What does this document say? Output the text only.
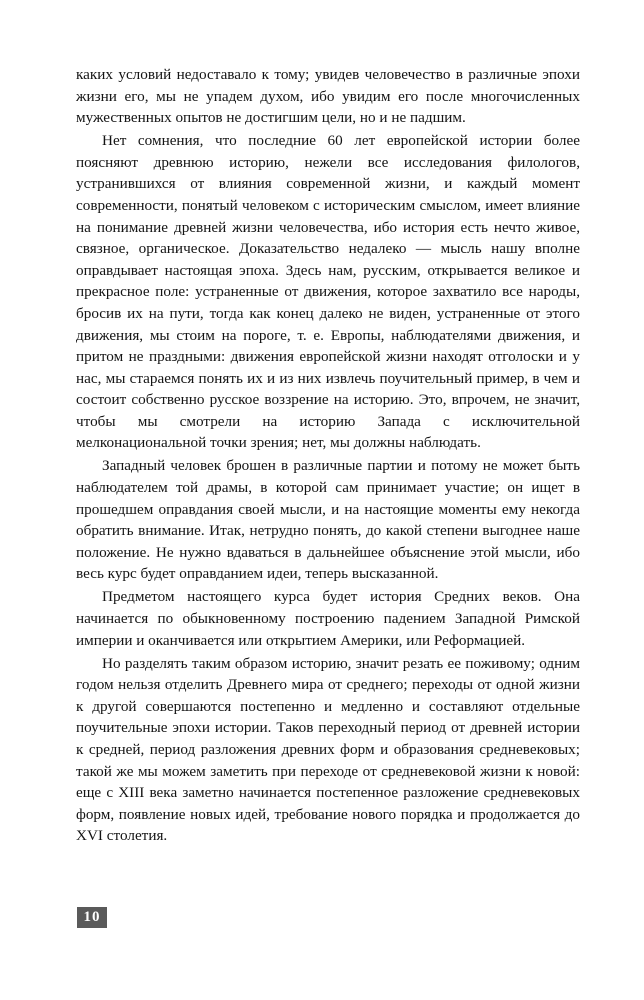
каких условий недоставало к тому; увидев человечество в различные эпохи жизни его, мы не упадем духом, ибо увидим его после многочисленных мужественных опытов не достигшим цели, но и не падшим.

Нет сомнения, что последние 60 лет европейской истории более поясняют древнюю историю, нежели все исследования филологов, устранившихся от влияния современной жизни, и каждый момент современности, понятый человеком с историческим смыслом, имеет влияние на понимание древней жизни человечества, ибо история есть нечто живое, связное, органическое. Доказательство недалеко — мысль нашу вполне оправдывает настоящая эпоха. Здесь нам, русским, открывается великое и прекрасное поле: устраненные от движения, которое захватило все народы, бросив их на пути, тогда как конец далеко не виден, устраненные от этого движения, мы стоим на пороге, т. е. Европы, наблюдателями движения, и притом не праздными: движения европейской жизни находят отголоски и у нас, мы стараемся понять их и из них извлечь поучительный пример, в чем и состоит собственно русское воззрение на историю. Это, впрочем, не значит, чтобы мы смотрели на историю Запада с исключительной мелконациональной точки зрения; нет, мы должны наблюдать.

Западный человек брошен в различные партии и потому не может быть наблюдателем той драмы, в которой сам принимает участие; он ищет в прошедшем оправдания своей мысли, и на настоящие моменты ему некогда обратить внимание. Итак, нетрудно понять, до какой степени выгоднее наше положение. Не нужно вдаваться в дальнейшее объяснение этой мысли, ибо весь курс будет оправданием идеи, теперь высказанной.

Предметом настоящего курса будет история Средних веков. Она начинается по обыкновенному построению падением Западной Римской империи и оканчивается или открытием Америки, или Реформацией.

Но разделять таким образом историю, значит резать ее поживому; одним годом нельзя отделить Древнего мира от среднего; переходы от одной жизни к другой совершаются постепенно и медленно и составляют отдельные поучительные эпохи истории. Таков переходный период от древней истории к средней, период разложения древних форм и образования средневековых; такой же мы можем заметить при переходе от средневековой жизни к новой: еще с XIII века заметно начинается постепенное разложение средневековых форм, появление новых идей, требование нового порядка и продолжается до XVI столетия.

10
